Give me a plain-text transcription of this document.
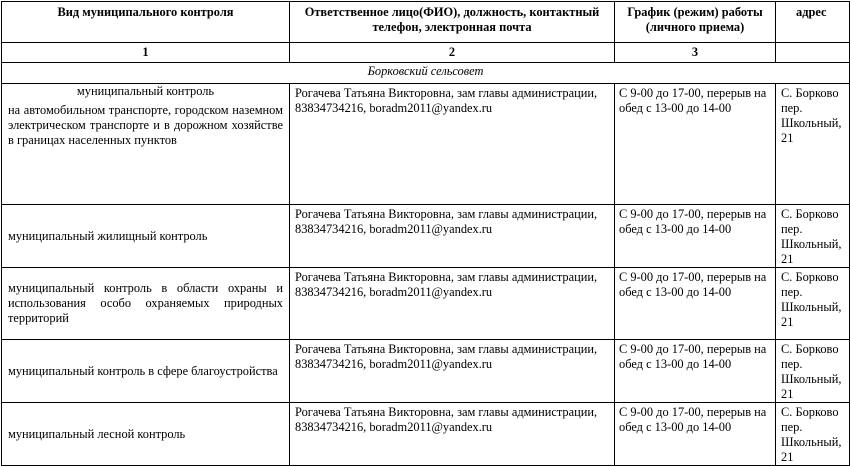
Вид муниципального контроля	Ответственное лицо(ФИО), должность, контактный телефон, электронная почта	График (режим) работы (личного приема)	адрес
1	2	3	
Борковский сельсовет			

муниципальный контроль
на автомобильном транспорте, городском наземном электрическом транспорте и в дорожном хозяйстве в границах населенных пунктов	Рогачева Татьяна Викторовна, зам главы администрации, 83834734216, boradm2011@yandex.ru	С 9-00 до 17-00, перерыв на обед с 13-00 до 14-00	С. Борково пер. Школьный, 21
муниципальный жилищный контроль	Рогачева Татьяна Викторовна, зам главы администрации, 83834734216, boradm2011@yandex.ru	С 9-00 до 17-00, перерыв на обед с 13-00 до 14-00	С. Борково пер. Школьный, 21
муниципальный контроль в области охраны и использования особо охраняемых природных территорий	Рогачева Татьяна Викторовна, зам главы администрации, 83834734216, boradm2011@yandex.ru	С 9-00 до 17-00, перерыв на обед с 13-00 до 14-00	С. Борково пер. Школьный, 21
муниципальный контроль в сфере благоустройства	Рогачева Татьяна Викторовна, зам главы администрации, 83834734216, boradm2011@yandex.ru	С 9-00 до 17-00, перерыв на обед с 13-00 до 14-00	С. Борково пер. Школьный, 21
муниципальный лесной контроль	Рогачева Татьяна Викторовна, зам главы администрации, 83834734216, boradm2011@yandex.ru	С 9-00 до 17-00, перерыв на обед с 13-00 до 14-00	С. Борково пер. Школьный, 21
